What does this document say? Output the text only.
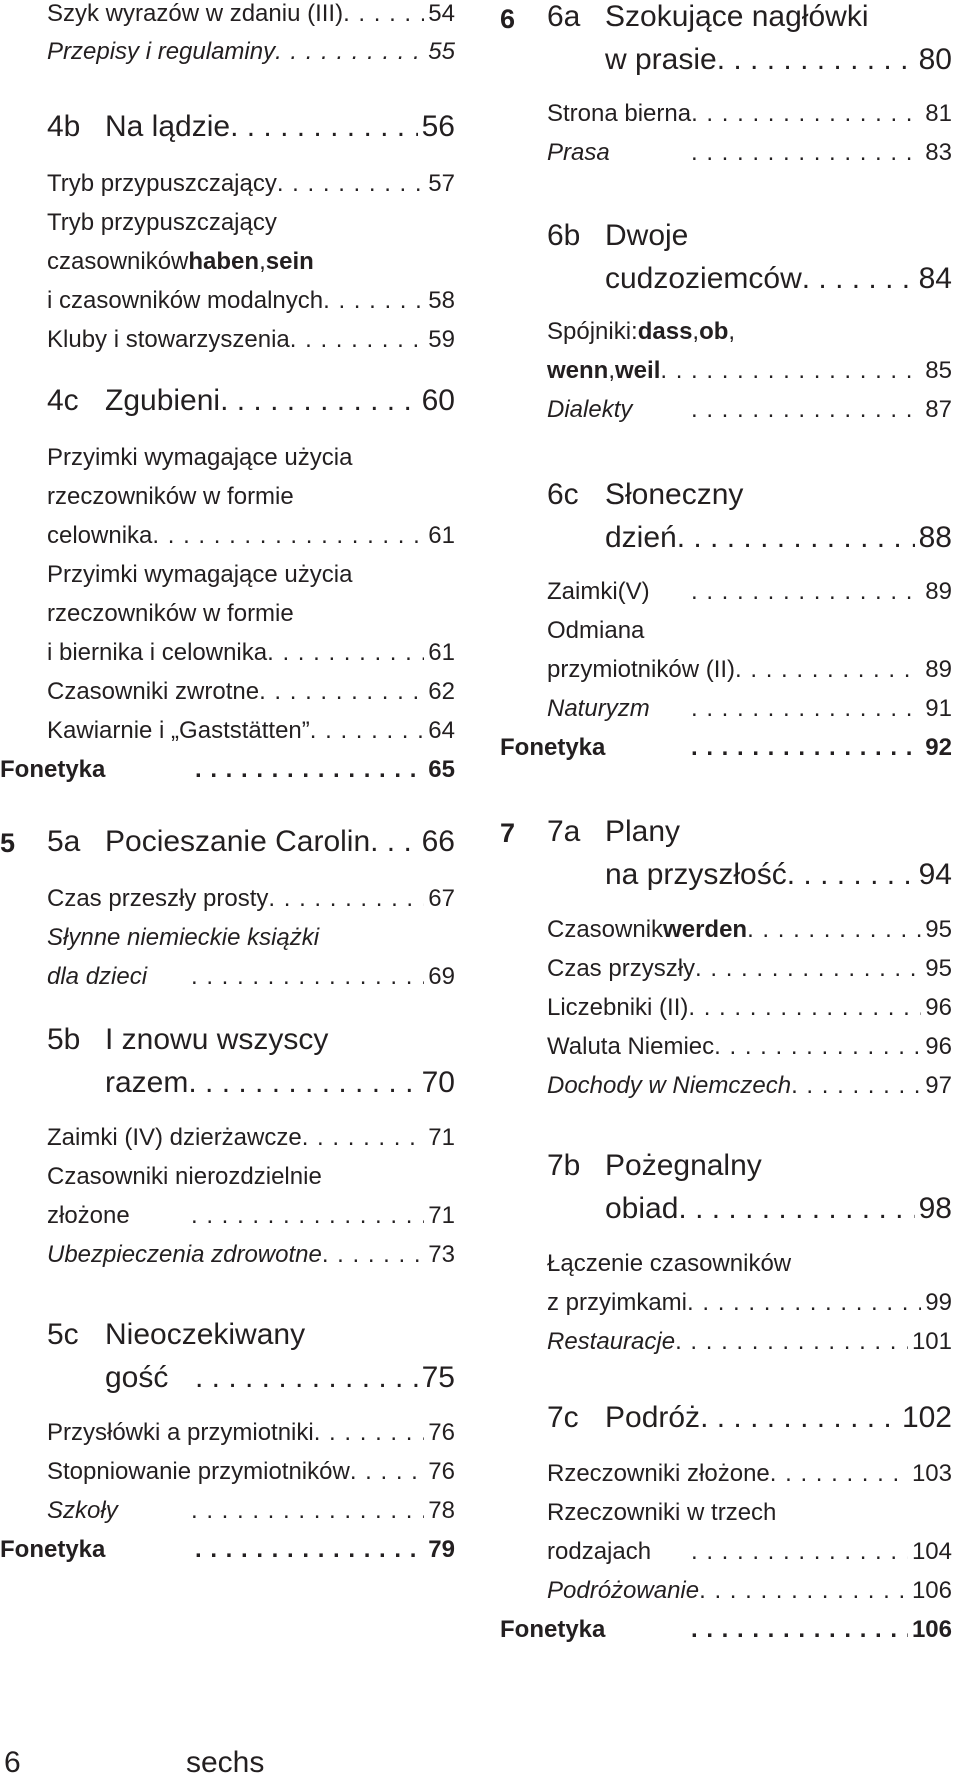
Szyk wyrazów w zdaniu (III) . . .	54
Przepisy i regulaminy . . .	55
4b Na lądzie . . .	56
Tryb przypuszczający . . .	57
Tryb przypuszczający
czasowników haben , sein
i czasowników modalnych . . .	58
Kluby i stowarzyszenia . . .	59
4c Zgubieni . . .	60
Przyimki wymagające użycia
rzeczowników w formie
celownika . . .	61
Przyimki wymagające użycia
rzeczowników w formie
i biernika i celownika . . .	61
Czasowniki zwrotne . . .	62
Kawiarnie i „Gaststätten” . . .	64
Fonetyka . . .	65
5 5a Pocieszanie Carolin . . . 66
Czas przeszły prosty . . .	67
Słynne niemieckie książki
dla dzieci . . .	69
5b I znowu wszyscy
razem . . .	70
Zaimki (IV) dzierżawcze . . .	71
Czasowniki nierozdzielnie
złożone . . .	71
Ubezpieczenia zdrowotne . . .	73
5c Nieoczekiwany
gość . . .	75
Przysłówki a przymiotniki . . .	76
Stopniowanie przymiotników . . .	76
Szkoły . . .	78
Fonetyka . . .	79
6 6a Szokujące nagłówki
w prasie . . .	80
Strona bierna . . .	81
Prasa . . .	83
6b Dwoje
cudzoziemców . . .	84
Spójniki: dass , ob ,
wenn , weil . . .	85
Dialekty . . .	87
6c Słoneczny
dzień . . .	88
Zaimki(V) . . .	89
Odmiana
przymiotników (II) . . .	89
Naturyzm . . .	91
Fonetyka . . .	92
7 7a Plany
na przyszłość . . .	94
Czasownik werden . . .	95
Czas przyszły . . .	95
Liczebniki (II) . . .	96
Waluta Niemiec . . .	96
Dochody w Niemczech . . .	97
7b Pożegnalny
obiad . . .	98
Łączenie czasowników
z przyimkami . . .	99
Restauracje . . .	101
7c Podróż . . .	102
Rzeczowniki złożone . . .	103
Rzeczowniki w trzech
rodzajach . . .	104
Podróżowanie . . .	106
Fonetyka . . .	106
6	sechs
